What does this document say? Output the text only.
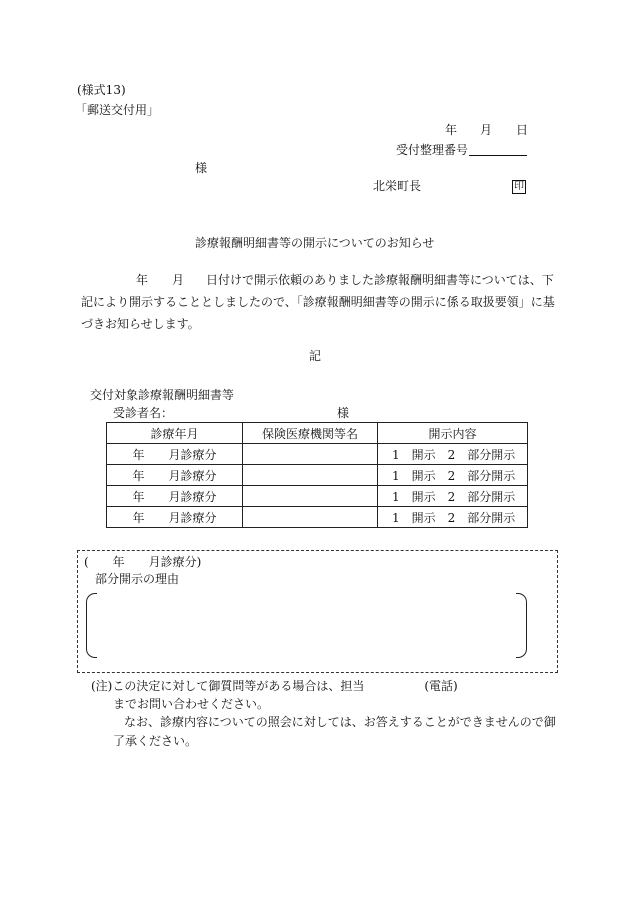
(様式13)
「郵送交付用」
年 月 日
受付整理番号
様
北栄町長	印
診療報酬明細書等の開示についてのお知らせ
年 月 日付けで開示依頼のありました診療報酬明細書等については、下
記により開示することとしましたので、「診療報酬明細書等の開示に係る取扱要領」に基
づきお知らせします。
記
交付対象診療報酬明細書等
受診者名：	様
診療年月	保険医療機関等名	開示内容
年　　月診療分		1　開示　2　部分開示
年　　月診療分		1　開示　2　部分開示
年　　月診療分		1　開示　2　部分開示
年　　月診療分		1　開示　2　部分開示
(　　年　　月診療分)
部分開示の理由
(注)この決定に対して御質問等がある場合は、担当　　　　　(電話)
までお問い合わせください。
なお、診療内容についての照会に対しては、お答えすることができませんので御
了承ください。
